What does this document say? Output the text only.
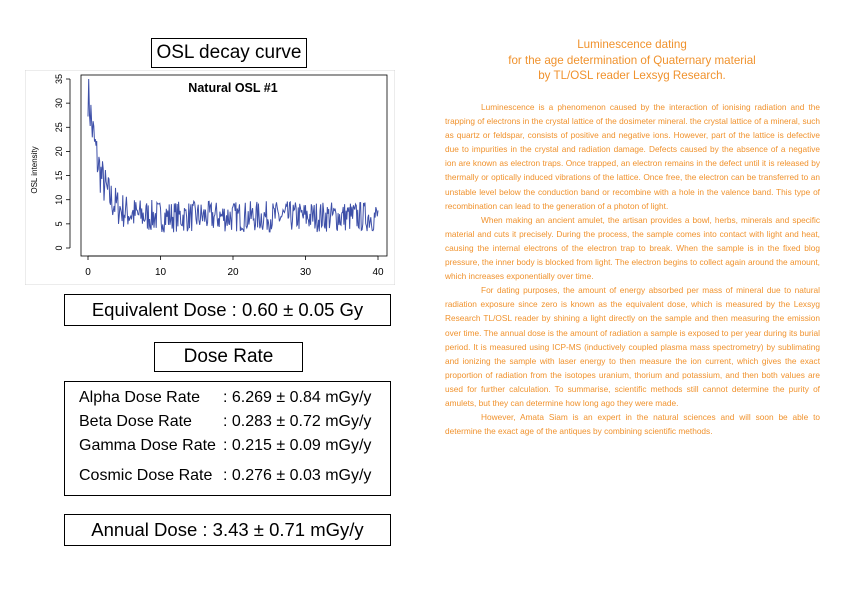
OSL decay curve
Natural OSL #1
OSL intensity
0
5
10
15
20
25
30
35
0	10	20	30	40
Equivalent Dose : 0.60 ± 0.05 Gy
Dose Rate
Alpha Dose Rate : 6.269 ± 0.84 mGy/y
Beta Dose Rate : 0.283 ± 0.72 mGy/y
Gamma Dose Rate : 0.215 ± 0.09 mGy/y
Cosmic Dose Rate : 0.276 ± 0.03 mGy/y
Annual Dose : 3.43 ± 0.71 mGy/y
Luminescence dating
for the age determination of Quaternary material
by TL/OSL reader Lexsyg Research.

Luminescence is a phenomenon caused by the interaction of ionising radiation and the trapping of electrons in the crystal lattice of the dosimeter mineral. the crystal lattice of a mineral, such as quartz or feldspar, consists of positive and negative ions. However, part of the lattice is defective due to impurities in the crystal and radiation damage. Defects caused by the absence of a negative ion are known as electron traps. Once trapped, an electron remains in the defect until it is released by thermally or optically induced vibrations of the lattice. Once free, the electron can be transferred to an unstable level below the conduction band or recombine with a hole in the valence band. This type of recombination can lead to the generation of a photon of light.

When making an ancient amulet, the artisan provides a bowl, herbs, minerals and specific material and cuts it precisely. During the process, the sample comes into contact with light and heat, causing the internal electrons of the electron trap to break. When the sample is in the fixed blog pressure, the inner body is blocked from light. The electron begins to collect again around the amount, which increases exponentially over time.

For dating purposes, the amount of energy absorbed per mass of mineral due to natural radiation exposure since zero is known as the equivalent dose, which is measured by the Lexsyg Research TL/OSL reader by shining a light directly on the sample and then measuring the emission over time. The annual dose is the amount of radiation a sample is exposed to per year during its burial period. It is measured using ICP-MS (inductively coupled plasma mass spectrometry) by sublimating and ionizing the sample with laser energy to then measure the ion current, which gives the exact proportion of radiation from the isotopes uranium, thorium and potassium, and then both values are used for further calculation. To summarise, scientific methods still cannot determine the purity of amulets, but they can determine how long ago they were made.

However, Amata Siam is an expert in the natural sciences and will soon be able to determine the exact age of the antiques by combining scientific methods.
